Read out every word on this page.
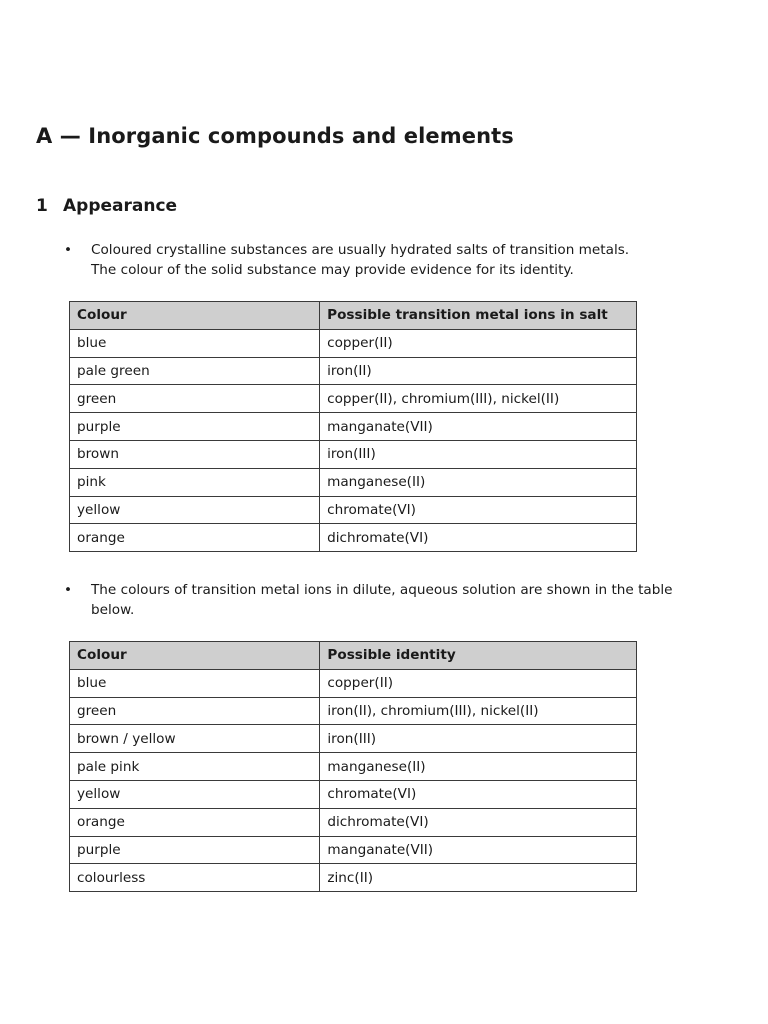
A — Inorganic compounds and elements
1 Appearance
• Coloured crystalline substances are usually hydrated salts of transition metals.
The colour of the solid substance may provide evidence for its identity.
Colour	Possible transition metal ions in salt
blue	copper(II)
pale green	iron(II)
green	copper(II), chromium(III), nickel(II)
purple	manganate(VII)
brown	iron(III)
pink	manganese(II)
yellow	chromate(VI)
orange	dichromate(VI)
• The colours of transition metal ions in dilute, aqueous solution are shown in the table
below.
Colour	Possible identity
blue	copper(II)
green	iron(II), chromium(III), nickel(II)
brown / yellow	iron(III)
pale pink	manganese(II)
yellow	chromate(VI)
orange	dichromate(VI)
purple	manganate(VII)
colourless	zinc(II)
